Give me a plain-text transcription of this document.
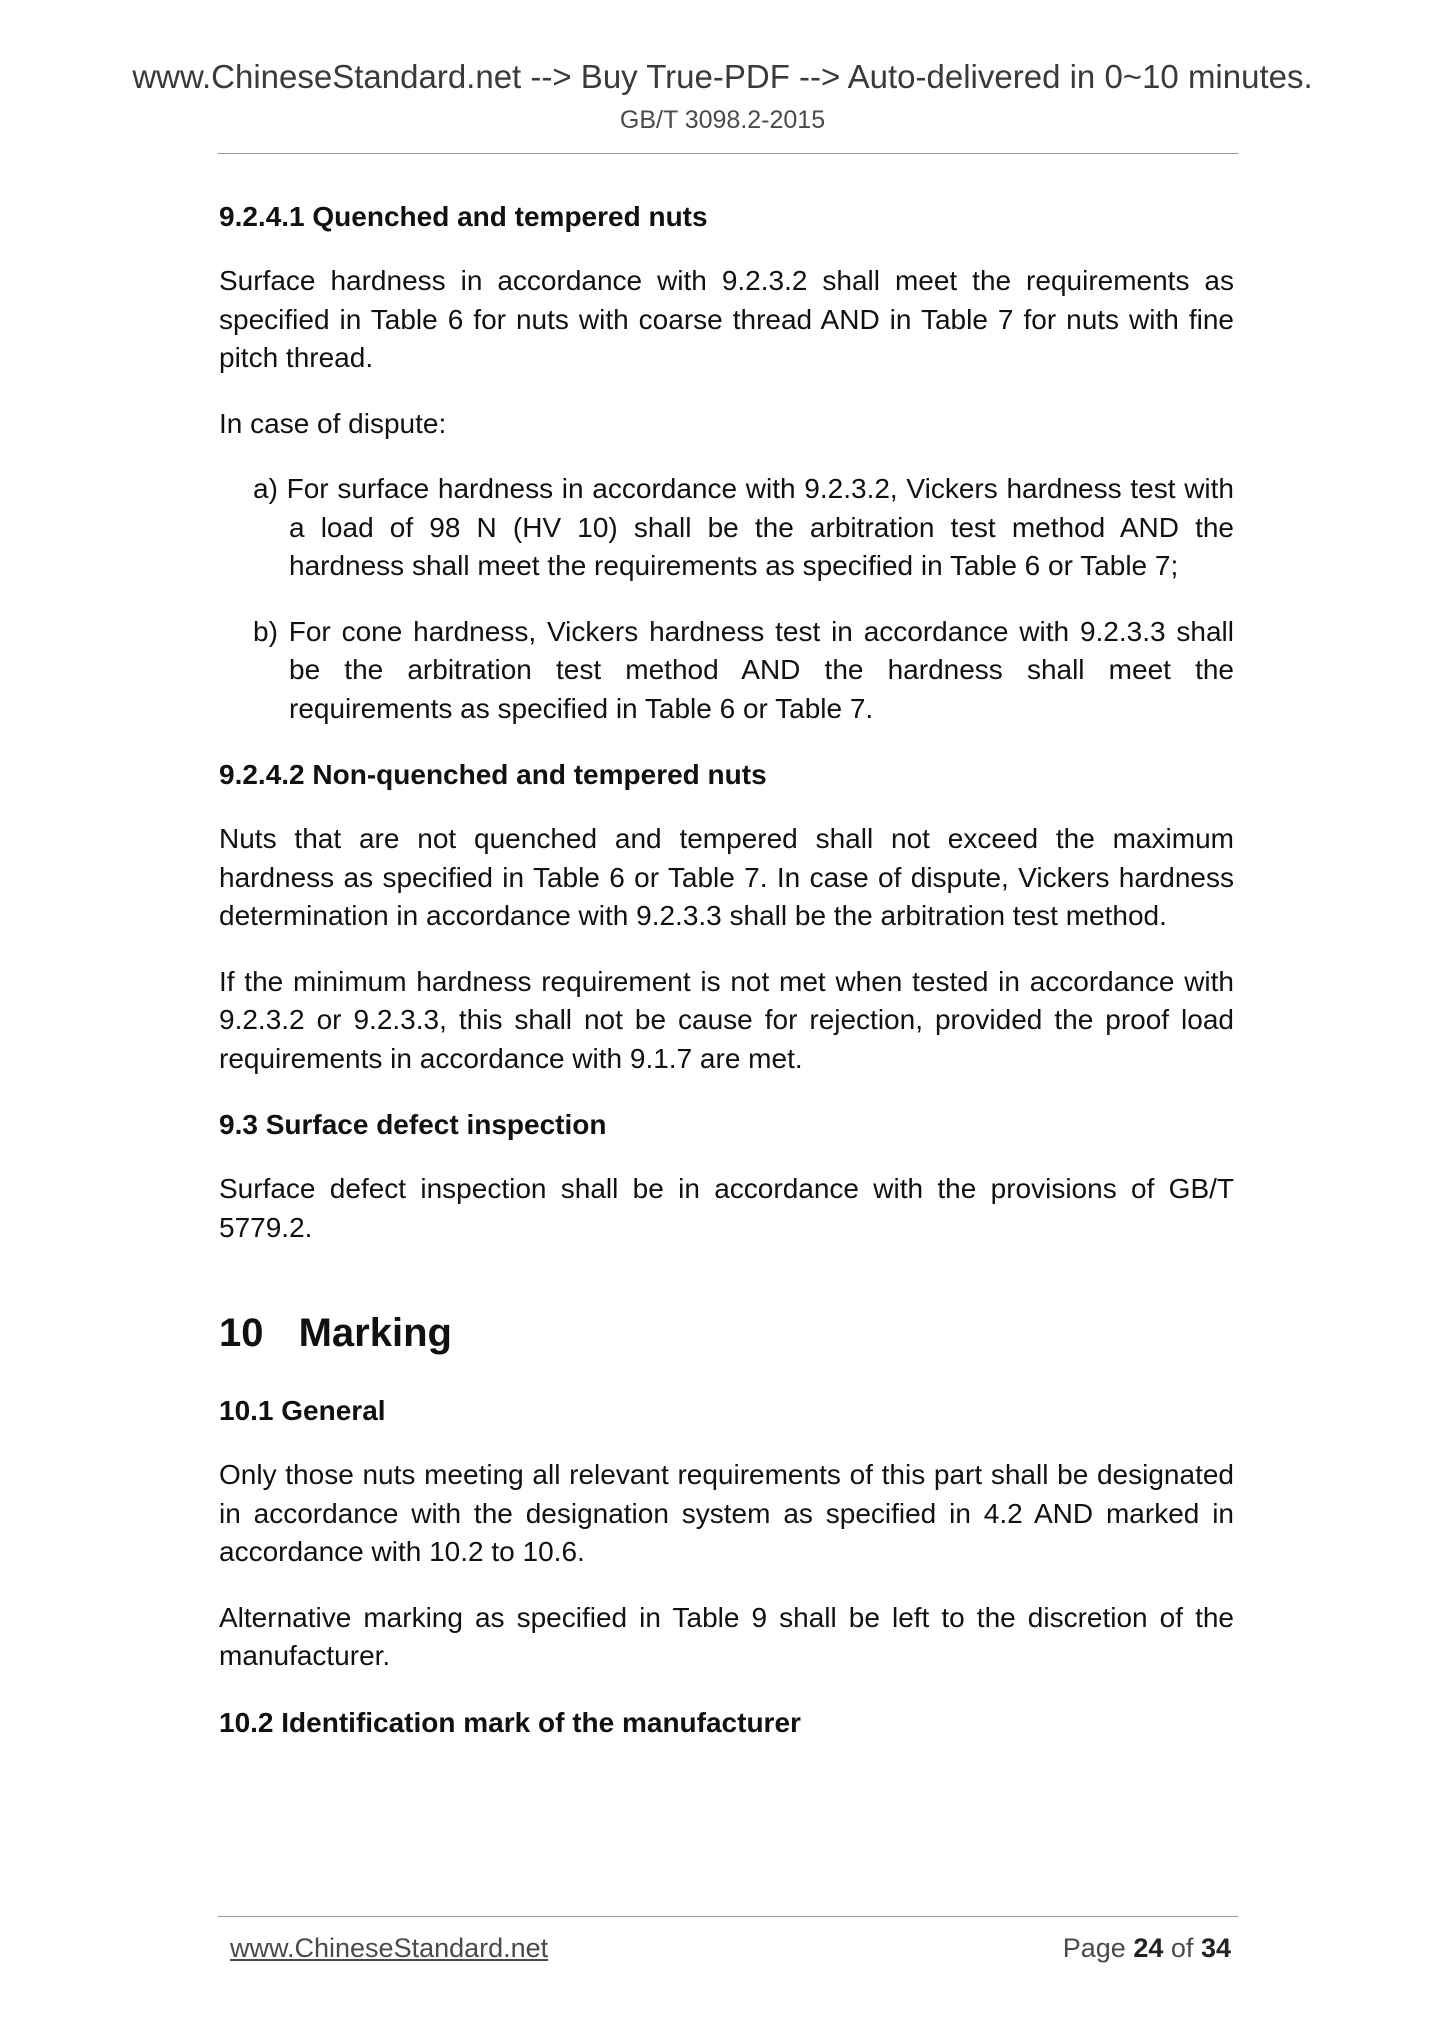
www.ChineseStandard.net --> Buy True-PDF --> Auto-delivered in 0~10 minutes.
GB/T 3098.2-2015
9.2.4.1 Quenched and tempered nuts

Surface hardness in accordance with 9.2.3.2 shall meet the requirements as specified in Table 6 for nuts with coarse thread AND in Table 7 for nuts with fine pitch thread.

In case of dispute:

a) For surface hardness in accordance with 9.2.3.2, Vickers hardness test with a load of 98 N (HV 10) shall be the arbitration test method AND the hardness shall meet the requirements as specified in Table 6 or Table 7;
b) For cone hardness, Vickers hardness test in accordance with 9.2.3.3 shall be the arbitration test method AND the hardness shall meet the requirements as specified in Table 6 or Table 7.
9.2.4.2 Non-quenched and tempered nuts

Nuts that are not quenched and tempered shall not exceed the maximum hardness as specified in Table 6 or Table 7. In case of dispute, Vickers hardness determination in accordance with 9.2.3.3 shall be the arbitration test method.

If the minimum hardness requirement is not met when tested in accordance with 9.2.3.2 or 9.2.3.3, this shall not be cause for rejection, provided the proof load requirements in accordance with 9.1.7 are met.

9.3 Surface defect inspection

Surface defect inspection shall be in accordance with the provisions of GB/T 5779.2.

10 Marking
10.1 General

Only those nuts meeting all relevant requirements of this part shall be designated in accordance with the designation system as specified in 4.2 AND marked in accordance with 10.2 to 10.6.

Alternative marking as specified in Table 9 shall be left to the discretion of the manufacturer.

10.2 Identification mark of the manufacturer
www.ChineseStandard.net	Page 24 of 34
